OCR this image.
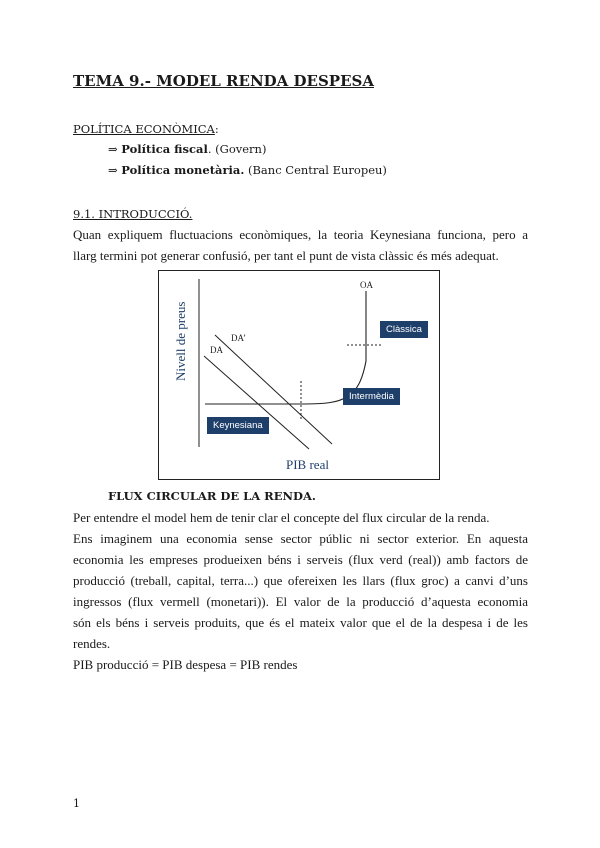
TEMA 9.- MODEL RENDA DESPESA
POLÍTICA ECONÒMICA:
⇒ Política fiscal. (Govern)
⇒ Política monetària. (Banc Central Europeu)
9.1. INTRODUCCIÓ.
Quan expliquem fluctuacions econòmiques, la teoria Keynesiana funciona, pero a
llarg termini pot generar confusió, per tant el punt de vista clàssic és més adequat.
OA
DA
DA’
Nivell de preus
PIB real
Clàssica
Intermèdia
Keynesiana
FLUX CIRCULAR DE LA RENDA.
Per entendre el model hem de tenir clar el concepte del flux circular de la renda.
Ens imaginem una economia sense sector públic ni sector exterior. En aquesta
economia les empreses produeixen béns i serveis (flux verd (real)) amb factors de
producció (treball, capital, terra...) que ofereixen les llars (flux groc) a canvi d’uns
ingressos (flux vermell (monetari)). El valor de la producció d’aquesta economia
són els béns i serveis produits, que és el mateix valor que el de la despesa i de les
rendes.
PIB producció = PIB despesa = PIB rendes
1
